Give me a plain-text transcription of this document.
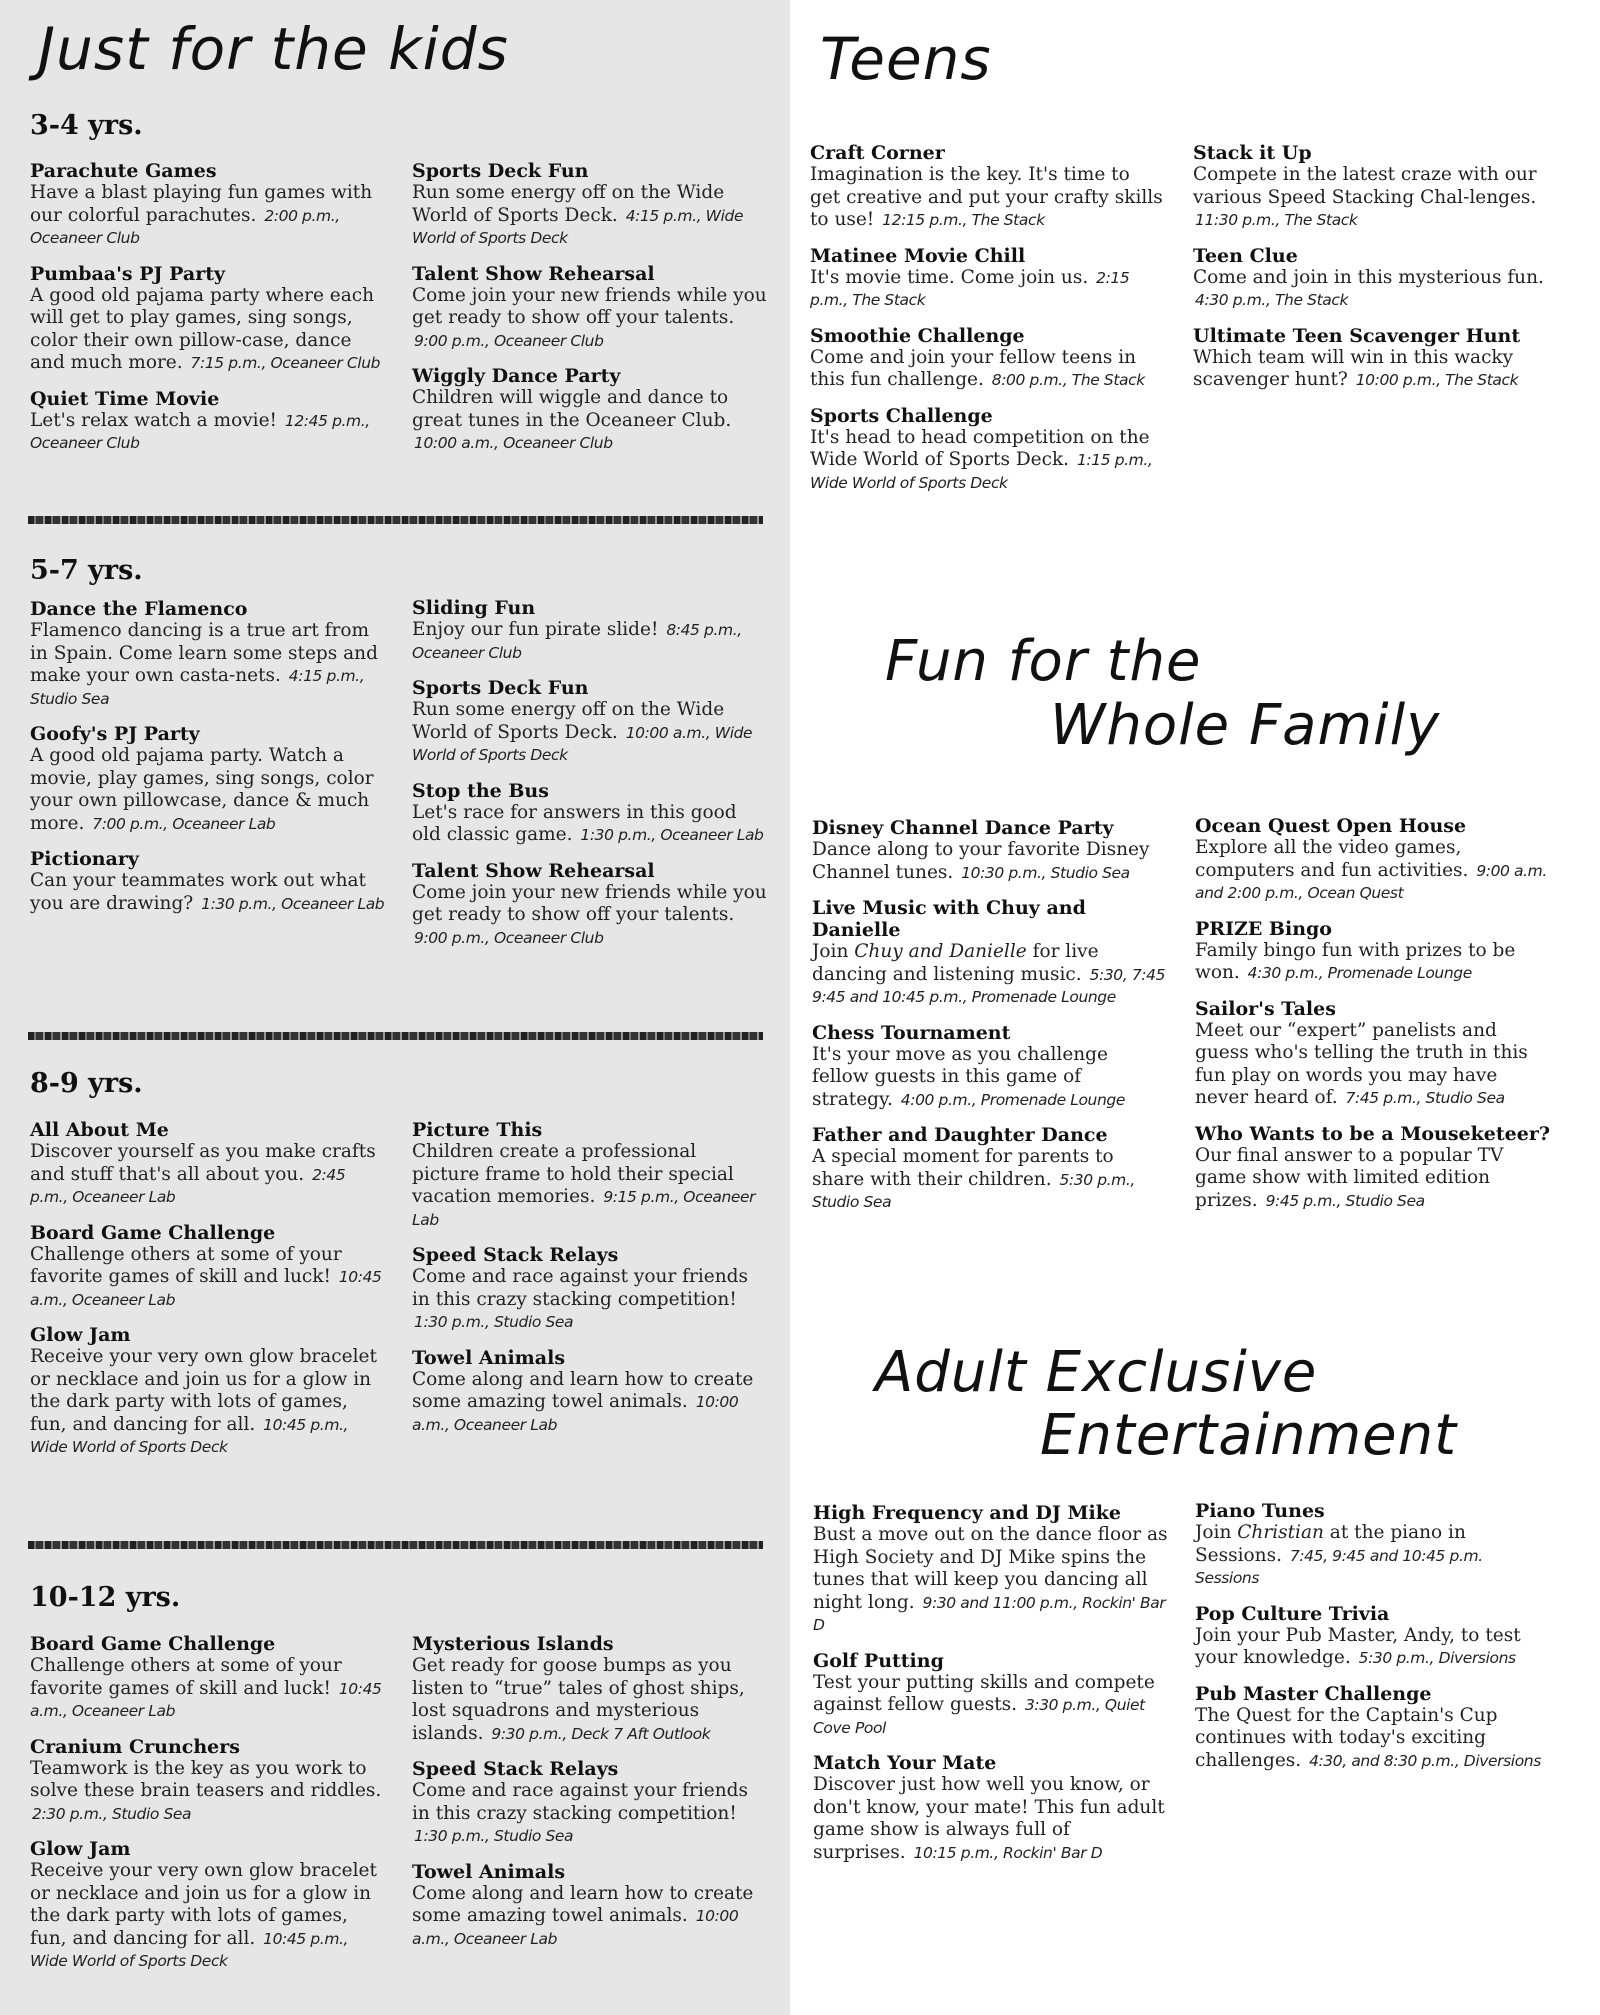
Just for the kids
3-4 yrs.
Parachute Games
Have a blast playing fun games with our colorful parachutes. 2:00 p.m., Oceaneer Club
Pumbaa's PJ Party
A good old pajama party where each will get to play games, sing songs, color their own pillow-case, dance and much more. 7:15 p.m., Oceaneer Club
Quiet Time Movie
Let's relax watch a movie! 12:45 p.m., Oceaneer Club
Sports Deck Fun
Run some energy off on the Wide World of Sports Deck. 4:15 p.m., Wide World of Sports Deck
Talent Show Rehearsal
Come join your new friends while you get ready to show off your talents. 9:00 p.m., Oceaneer Club
Wiggly Dance Party
Children will wiggle and dance to great tunes in the Oceaneer Club. 10:00 a.m., Oceaneer Club
5-7 yrs.
Dance the Flamenco
Flamenco dancing is a true art from in Spain. Come learn some steps and make your own casta-nets. 4:15 p.m., Studio Sea
Goofy's PJ Party
A good old pajama party. Watch a movie, play games, sing songs, color your own pillowcase, dance & much more. 7:00 p.m., Oceaneer Lab
Pictionary
Can your teammates work out what you are drawing? 1:30 p.m., Oceaneer Lab
Sliding Fun
Enjoy our fun pirate slide! 8:45 p.m., Oceaneer Club
Sports Deck Fun
Run some energy off on the Wide World of Sports Deck. 10:00 a.m., Wide World of Sports Deck
Stop the Bus
Let's race for answers in this good old classic game. 1:30 p.m., Oceaneer Lab
Talent Show Rehearsal
Come join your new friends while you get ready to show off your talents. 9:00 p.m., Oceaneer Club
8-9 yrs.
All About Me
Discover yourself as you make crafts and stuff that's all about you. 2:45 p.m., Oceaneer Lab
Board Game Challenge
Challenge others at some of your favorite games of skill and luck! 10:45 a.m., Oceaneer Lab
Glow Jam
Receive your very own glow bracelet or necklace and join us for a glow in the dark party with lots of games, fun, and dancing for all. 10:45 p.m., Wide World of Sports Deck
Picture This
Children create a professional picture frame to hold their special vacation memories. 9:15 p.m., Oceaneer Lab
Speed Stack Relays
Come and race against your friends in this crazy stacking competition! 1:30 p.m., Studio Sea
Towel Animals
Come along and learn how to create some amazing towel animals. 10:00 a.m., Oceaneer Lab
10-12 yrs.
Board Game Challenge
Challenge others at some of your favorite games of skill and luck! 10:45 a.m., Oceaneer Lab
Cranium Crunchers
Teamwork is the key as you work to solve these brain teasers and riddles. 2:30 p.m., Studio Sea
Glow Jam
Receive your very own glow bracelet or necklace and join us for a glow in the dark party with lots of games, fun, and dancing for all. 10:45 p.m., Wide World of Sports Deck
Mysterious Islands
Get ready for goose bumps as you listen to “true” tales of ghost ships, lost squadrons and mysterious islands. 9:30 p.m., Deck 7 Aft Outlook
Speed Stack Relays
Come and race against your friends in this crazy stacking competition! 1:30 p.m., Studio Sea
Towel Animals
Come along and learn how to create some amazing towel animals. 10:00 a.m., Oceaneer Lab
Teens
Craft Corner
Imagination is the key. It's time to get creative and put your crafty skills to use! 12:15 p.m., The Stack
Matinee Movie Chill
It's movie time. Come join us. 2:15 p.m., The Stack
Smoothie Challenge
Come and join your fellow teens in this fun challenge. 8:00 p.m., The Stack
Sports Challenge
It's head to head competition on the Wide World of Sports Deck. 1:15 p.m., Wide World of Sports Deck
Stack it Up
Compete in the latest craze with our various Speed Stacking Chal-lenges. 11:30 p.m., The Stack
Teen Clue
Come and join in this mysterious fun. 4:30 p.m., The Stack
Ultimate Teen Scavenger Hunt
Which team will win in this wacky scavenger hunt? 10:00 p.m., The Stack
Fun for the
Whole Family
Disney Channel Dance Party
Dance along to your favorite Disney Channel tunes. 10:30 p.m., Studio Sea
Live Music with Chuy and Danielle
Join Chuy and Danielle for live dancing and listening music. 5:30, 7:45 9:45 and 10:45 p.m., Promenade Lounge
Chess Tournament
It's your move as you challenge fellow guests in this game of strategy. 4:00 p.m., Promenade Lounge
Father and Daughter Dance
A special moment for parents to share with their children. 5:30 p.m., Studio Sea
Ocean Quest Open House
Explore all the video games, computers and fun activities. 9:00 a.m. and 2:00 p.m., Ocean Quest
PRIZE Bingo
Family bingo fun with prizes to be won. 4:30 p.m., Promenade Lounge
Sailor's Tales
Meet our “expert” panelists and guess who's telling the truth in this fun play on words you may have never heard of. 7:45 p.m., Studio Sea
Who Wants to be a Mouseketeer?
Our final answer to a popular TV game show with limited edition prizes. 9:45 p.m., Studio Sea
Adult Exclusive
Entertainment
High Frequency and DJ Mike
Bust a move out on the dance floor as High Society and DJ Mike spins the tunes that will keep you dancing all night long. 9:30 and 11:00 p.m., Rockin' Bar D
Golf Putting
Test your putting skills and compete against fellow guests. 3:30 p.m., Quiet Cove Pool
Match Your Mate
Discover just how well you know, or don't know, your mate! This fun adult game show is always full of surprises. 10:15 p.m., Rockin' Bar D
Piano Tunes
Join Christian at the piano in Sessions. 7:45, 9:45 and 10:45 p.m. Sessions
Pop Culture Trivia
Join your Pub Master, Andy, to test your knowledge. 5:30 p.m., Diversions
Pub Master Challenge
The Quest for the Captain's Cup continues with today's exciting challenges. 4:30, and 8:30 p.m., Diversions
